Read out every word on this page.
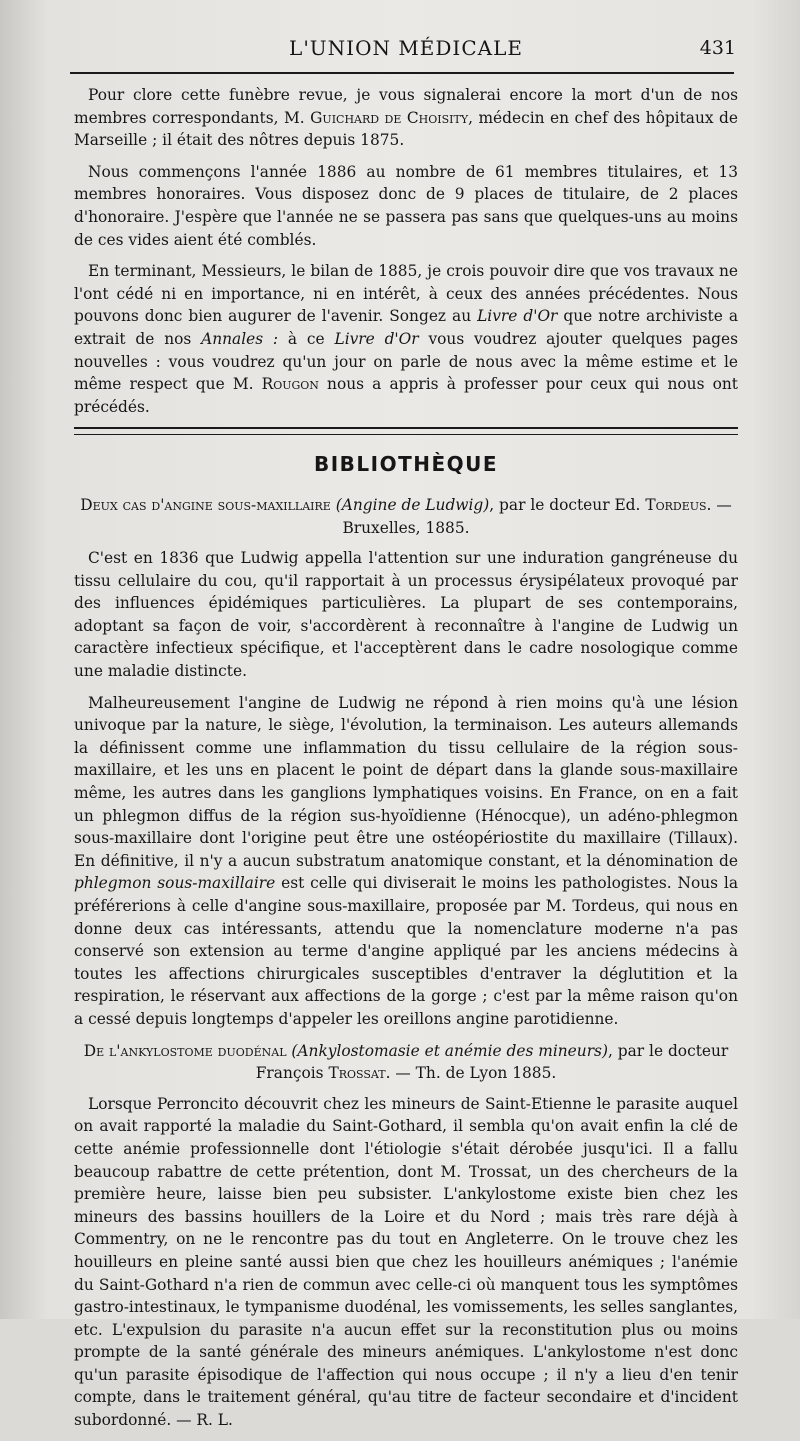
L'UNION MÉDICALE	431

Pour clore cette funèbre revue, je vous signalerai encore la mort d'un de nos membres correspondants, M. Guichard de Choisity, médecin en chef des hôpitaux de Marseille ; il était des nôtres depuis 1875.

Nous commençons l'année 1886 au nombre de 61 membres titulaires, et 13 membres honoraires. Vous disposez donc de 9 places de titulaire, de 2 places d'honoraire. J'espère que l'année ne se passera pas sans que quelques-uns au moins de ces vides aient été comblés.

En terminant, Messieurs, le bilan de 1885, je crois pouvoir dire que vos travaux ne l'ont cédé ni en importance, ni en intérêt, à ceux des années précédentes. Nous pouvons donc bien augurer de l'avenir. Songez au Livre d'Or que notre archiviste a extrait de nos Annales : à ce Livre d'Or vous voudrez ajouter quelques pages nouvelles : vous voudrez qu'un jour on parle de nous avec la même estime et le même respect que M. Rougon nous a appris à professer pour ceux qui nous ont précédés.

BIBLIOTHÈQUE
Deux cas d'angine sous-maxillaire (Angine de Ludwig), par le docteur Ed. Tordeus. — Bruxelles, 1885.

C'est en 1836 que Ludwig appella l'attention sur une induration gangréneuse du tissu cellulaire du cou, qu'il rapportait à un processus érysipélateux provoqué par des influences épidémiques particulières. La plupart de ses contemporains, adoptant sa façon de voir, s'accordèrent à reconnaître à l'angine de Ludwig un caractère infectieux spécifique, et l'acceptèrent dans le cadre nosologique comme une maladie distincte.

Malheureusement l'angine de Ludwig ne répond à rien moins qu'à une lésion univoque par la nature, le siège, l'évolution, la terminaison. Les auteurs allemands la définissent comme une inflammation du tissu cellulaire de la région sous-maxillaire, et les uns en placent le point de départ dans la glande sous-maxillaire même, les autres dans les ganglions lymphatiques voisins. En France, on en a fait un phlegmon diffus de la région sus-hyoïdienne (Hénocque), un adéno-phlegmon sous-maxillaire dont l'origine peut être une ostéopériostite du maxillaire (Tillaux). En définitive, il n'y a aucun substratum anatomique constant, et la dénomination de phlegmon sous-maxillaire est celle qui diviserait le moins les pathologistes. Nous la préférerions à celle d'angine sous-maxillaire, proposée par M. Tordeus, qui nous en donne deux cas intéressants, attendu que la nomenclature moderne n'a pas conservé son extension au terme d'angine appliqué par les anciens médecins à toutes les affections chirurgicales susceptibles d'entraver la déglutition et la respiration, le réservant aux affections de la gorge ; c'est par la même raison qu'on a cessé depuis longtemps d'appeler les oreillons angine parotidienne.

De l'ankylostome duodénal (Ankylostomasie et anémie des mineurs), par le docteur François Trossat. — Th. de Lyon 1885.

Lorsque Perroncito découvrit chez les mineurs de Saint-Etienne le parasite auquel on avait rapporté la maladie du Saint-Gothard, il sembla qu'on avait enfin la clé de cette anémie professionnelle dont l'étiologie s'était dérobée jusqu'ici. Il a fallu beaucoup rabattre de cette prétention, dont M. Trossat, un des chercheurs de la première heure, laisse bien peu subsister. L'ankylostome existe bien chez les mineurs des bassins houillers de la Loire et du Nord ; mais très rare déjà à Commentry, on ne le rencontre pas du tout en Angleterre. On le trouve chez les houilleurs en pleine santé aussi bien que chez les houilleurs anémiques ; l'anémie du Saint-Gothard n'a rien de commun avec celle-ci où manquent tous les symptômes gastro-intestinaux, le tympanisme duodénal, les vomissements, les selles sanglantes, etc. L'expulsion du parasite n'a aucun effet sur la reconstitution plus ou moins prompte de la santé générale des mineurs anémiques. L'ankylostome n'est donc qu'un parasite épisodique de l'affection qui nous occupe ; il n'y a lieu d'en tenir compte, dans le traitement général, qu'au titre de facteur secondaire et d'incident subordonné. — R. L.
